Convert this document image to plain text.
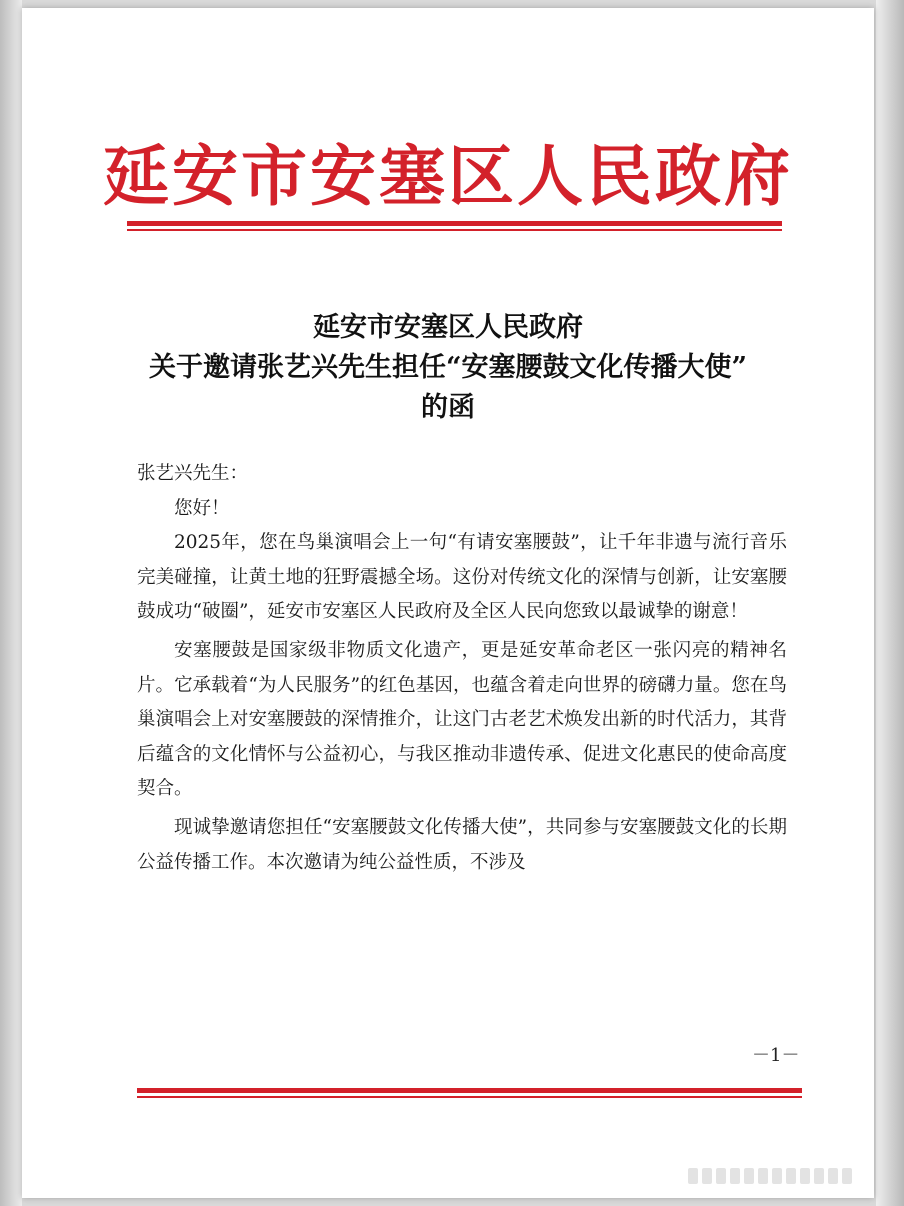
延安市安塞区人民政府
延安市安塞区人民政府
关于邀请张艺兴先生担任“安塞腰鼓文化传播大使”
的函

张艺兴先生：

您好！

2025年，您在鸟巢演唱会上一句“有请安塞腰鼓”，让千年非遗与流行音乐完美碰撞，让黄土地的狂野震撼全场。这份对传统文化的深情与创新，让安塞腰鼓成功“破圈”，延安市安塞区人民政府及全区人民向您致以最诚挚的谢意！

安塞腰鼓是国家级非物质文化遗产，更是延安革命老区一张闪亮的精神名片。它承载着“为人民服务”的红色基因，也蕴含着走向世界的磅礴力量。您在鸟巢演唱会上对安塞腰鼓的深情推介，让这门古老艺术焕发出新的时代活力，其背后蕴含的文化情怀与公益初心，与我区推动非遗传承、促进文化惠民的使命高度契合。

现诚挚邀请您担任“安塞腰鼓文化传播大使”，共同参与安塞腰鼓文化的长期公益传播工作。本次邀请为纯公益性质，不涉及

－1－
